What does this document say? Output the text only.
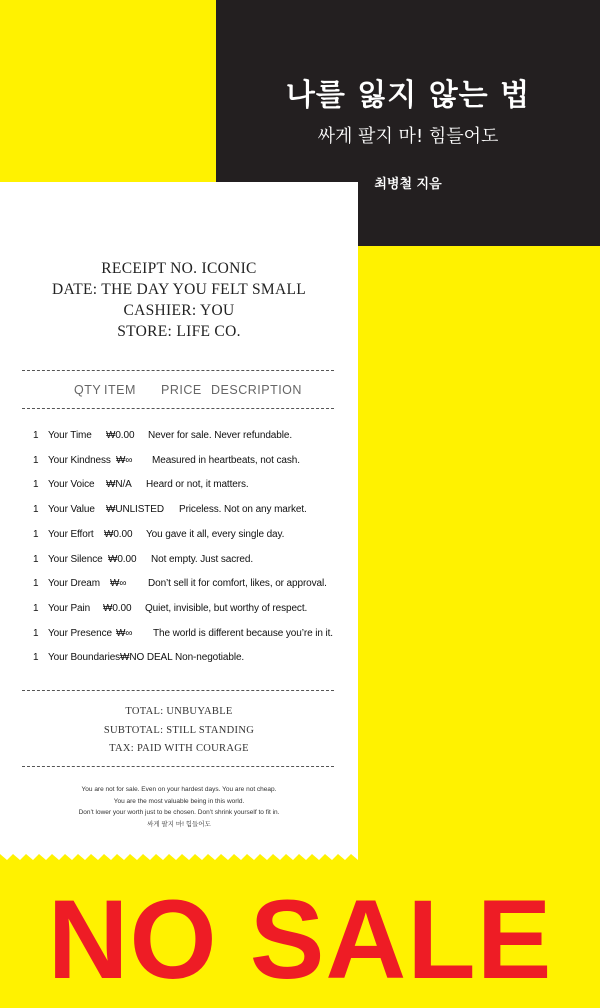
나를 잃지 않는 법
싸게 팔지 마! 힘들어도
최병철 지음
RECEIPT NO. ICONIC
DATE: THE DAY YOU FELT SMALL
CASHIER: YOU
STORE: LIFE CO.
QTY ITEM PRICE DESCRIPTION
1 Your Time ₩0.00 Never for sale. Never refundable.
1 Your Kindness ₩∞ Measured in heartbeats, not cash.
1 Your Voice ₩N/A Heard or not, it matters.
1 Your Value ₩UNLISTED Priceless. Not on any market.
1 Your Effort ₩0.00 You gave it all, every single day.
1 Your Silence ₩0.00 Not empty. Just sacred.
1 Your Dream ₩∞ Don’t sell it for comfort, likes, or approval.
1 Your Pain ₩0.00 Quiet, invisible, but worthy of respect.
1 Your Presence ₩∞ The world is different because you’re in it.
1 Your Boundaries ₩NO DEAL Non-negotiable.
TOTAL: UNBUYABLE
SUBTOTAL: STILL STANDING
TAX: PAID WITH COURAGE
You are not for sale. Even on your hardest days. You are not cheap.
You are the most valuable being in this world.
Don’t lower your worth just to be chosen. Don’t shrink yourself to fit in.
싸게 팔지 마! 힘들어도
NO SALE
